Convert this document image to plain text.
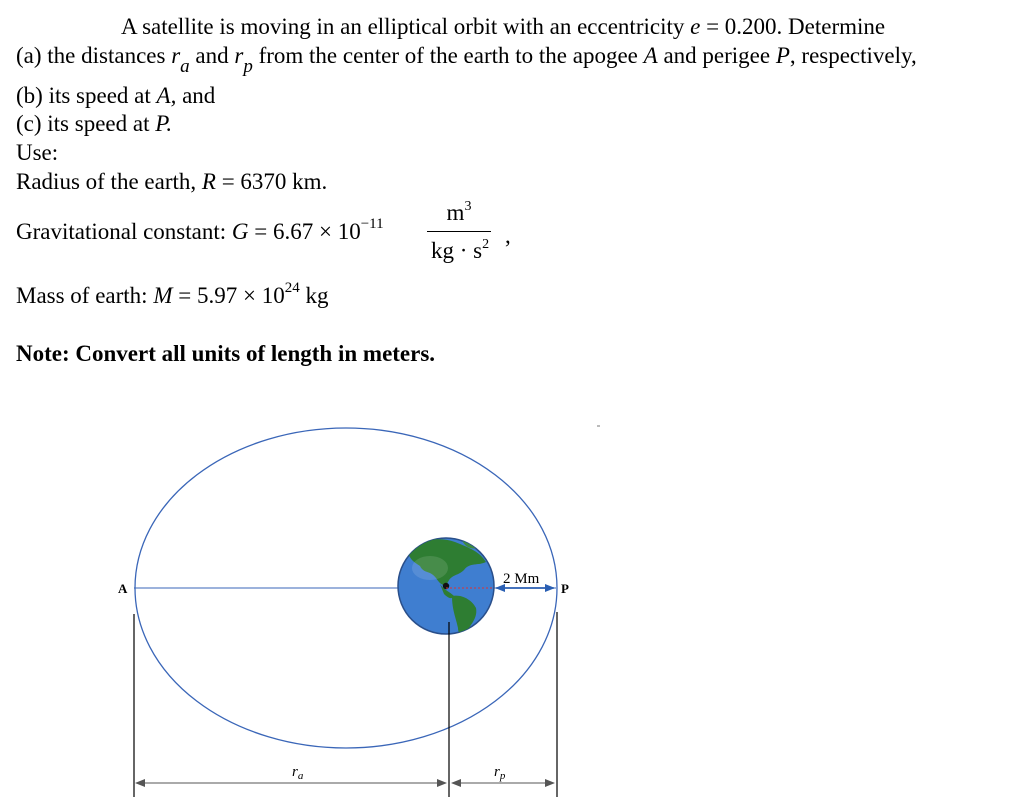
A satellite is moving in an elliptical orbit with an eccentricity e = 0.200. Determine
(a) the distances $r_a$ and $r_p$ from the center of the earth to the apogee A and perigee P, respectively,
(b) its speed at A, and
(c) its speed at P.
Use:
Radius of the earth, R = 6370 km.
Gravitational constant: $G = 6.67 \times 10^{-11}$	$m^3$
kg · $s^2$ ,
Mass of earth: $M = 5.97 \times 10^{24}$ kg
Note: Convert all units of length in meters.
2 Mm
A	P
$r_a$	$r_p$
